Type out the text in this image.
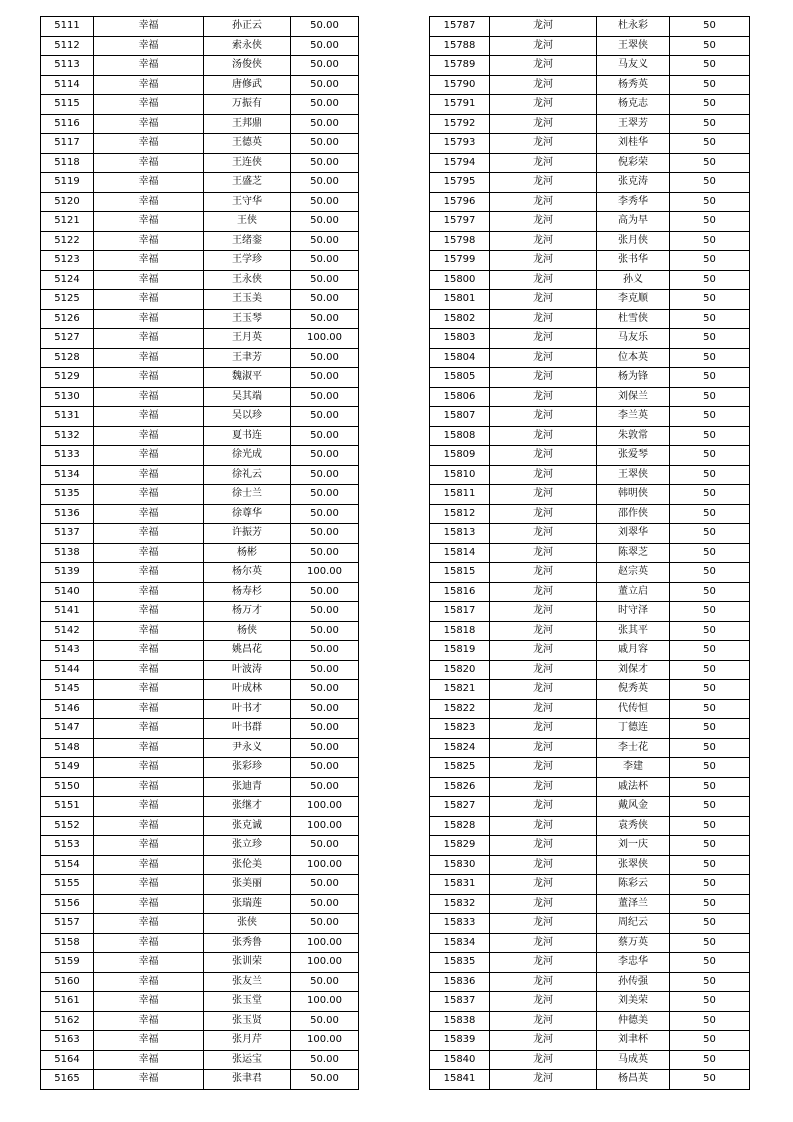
5111	幸福	孙正云	50.00
5112	幸福	索永侠	50.00
5113	幸福	汤俊侠	50.00
5114	幸福	唐修武	50.00
5115	幸福	万振有	50.00
5116	幸福	王邦鼎	50.00
5117	幸福	王德英	50.00
5118	幸福	王连侠	50.00
5119	幸福	王盛芝	50.00
5120	幸福	王守华	50.00
5121	幸福	王侠	50.00
5122	幸福	王绪銮	50.00
5123	幸福	王学珍	50.00
5124	幸福	王永侠	50.00
5125	幸福	王玉美	50.00
5126	幸福	王玉琴	50.00
5127	幸福	王月英	100.00
5128	幸福	王聿芳	50.00
5129	幸福	魏淑平	50.00
5130	幸福	吴其端	50.00
5131	幸福	吴以珍	50.00
5132	幸福	夏书连	50.00
5133	幸福	徐光成	50.00
5134	幸福	徐礼云	50.00
5135	幸福	徐士兰	50.00
5136	幸福	徐尊华	50.00
5137	幸福	许振芳	50.00
5138	幸福	杨彬	50.00
5139	幸福	杨尔英	100.00
5140	幸福	杨寿杉	50.00
5141	幸福	杨万才	50.00
5142	幸福	杨侠	50.00
5143	幸福	姚昌花	50.00
5144	幸福	叶波涛	50.00
5145	幸福	叶成林	50.00
5146	幸福	叶书才	50.00
5147	幸福	叶书群	50.00
5148	幸福	尹永义	50.00
5149	幸福	张彩珍	50.00
5150	幸福	张迪青	50.00
5151	幸福	张继才	100.00
5152	幸福	张克诚	100.00
5153	幸福	张立珍	50.00
5154	幸福	张伦美	100.00
5155	幸福	张美丽	50.00
5156	幸福	张瑞莲	50.00
5157	幸福	张侠	50.00
5158	幸福	张秀鲁	100.00
5159	幸福	张训荣	100.00
5160	幸福	张友兰	50.00
5161	幸福	张玉堂	100.00
5162	幸福	张玉贤	50.00
5163	幸福	张月芹	100.00
5164	幸福	张运宝	50.00
5165	幸福	张聿君	50.00
15787	龙河	杜永彩	50
15788	龙河	王翠侠	50
15789	龙河	马友义	50
15790	龙河	杨秀英	50
15791	龙河	杨克志	50
15792	龙河	王翠芳	50
15793	龙河	刘桂华	50
15794	龙河	倪彩荣	50
15795	龙河	张克涛	50
15796	龙河	李秀华	50
15797	龙河	高为早	50
15798	龙河	张月侠	50
15799	龙河	张书华	50
15800	龙河	孙义	50
15801	龙河	李克顺	50
15802	龙河	杜雪侠	50
15803	龙河	马友乐	50
15804	龙河	位本英	50
15805	龙河	杨为锋	50
15806	龙河	刘保兰	50
15807	龙河	李兰英	50
15808	龙河	朱敦常	50
15809	龙河	张爱琴	50
15810	龙河	王翠侠	50
15811	龙河	韩明侠	50
15812	龙河	邵作侠	50
15813	龙河	刘翠华	50
15814	龙河	陈翠芝	50
15815	龙河	赵宗英	50
15816	龙河	董立启	50
15817	龙河	时守泽	50
15818	龙河	张其平	50
15819	龙河	戚月容	50
15820	龙河	刘保才	50
15821	龙河	倪秀英	50
15822	龙河	代传恒	50
15823	龙河	丁德连	50
15824	龙河	李士花	50
15825	龙河	李建	50
15826	龙河	戚法杯	50
15827	龙河	戴风金	50
15828	龙河	袁秀侠	50
15829	龙河	刘一庆	50
15830	龙河	张翠侠	50
15831	龙河	陈彩云	50
15832	龙河	董泽兰	50
15833	龙河	周纪云	50
15834	龙河	蔡万英	50
15835	龙河	李忠华	50
15836	龙河	孙传强	50
15837	龙河	刘美荣	50
15838	龙河	仲德美	50
15839	龙河	刘聿杯	50
15840	龙河	马成英	50
15841	龙河	杨昌英	50
